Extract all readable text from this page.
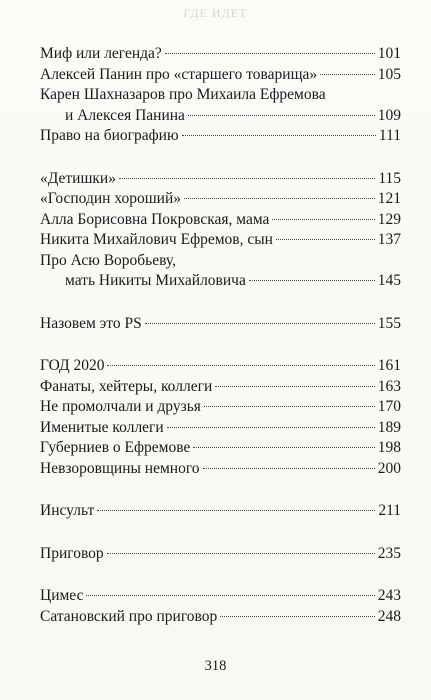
ГДЕ ИДЕТ
Миф или легенда?	101
Алексей Панин про «старшего товарища»	105
Карен Шахназаров про Михаила Ефремова
и Алексея Панина	109
Право на биографию	111
«Детишки»	115
«Господин хороший»	121
Алла Борисовна Покровская, мама	129
Никита Михайлович Ефремов, сын	137
Про Асю Воробьеву,
мать Никиты Михайловича	145
Назовем это PS	155
ГОД 2020	161
Фанаты, хейтеры, коллеги	163
Не промолчали и друзья	170
Именитые коллеги	189
Губерниев о Ефремове	198
Невзоровщины немного	200
Инсульт	211
Приговор	235
Цимес	243
Сатановский про приговор	248
318
